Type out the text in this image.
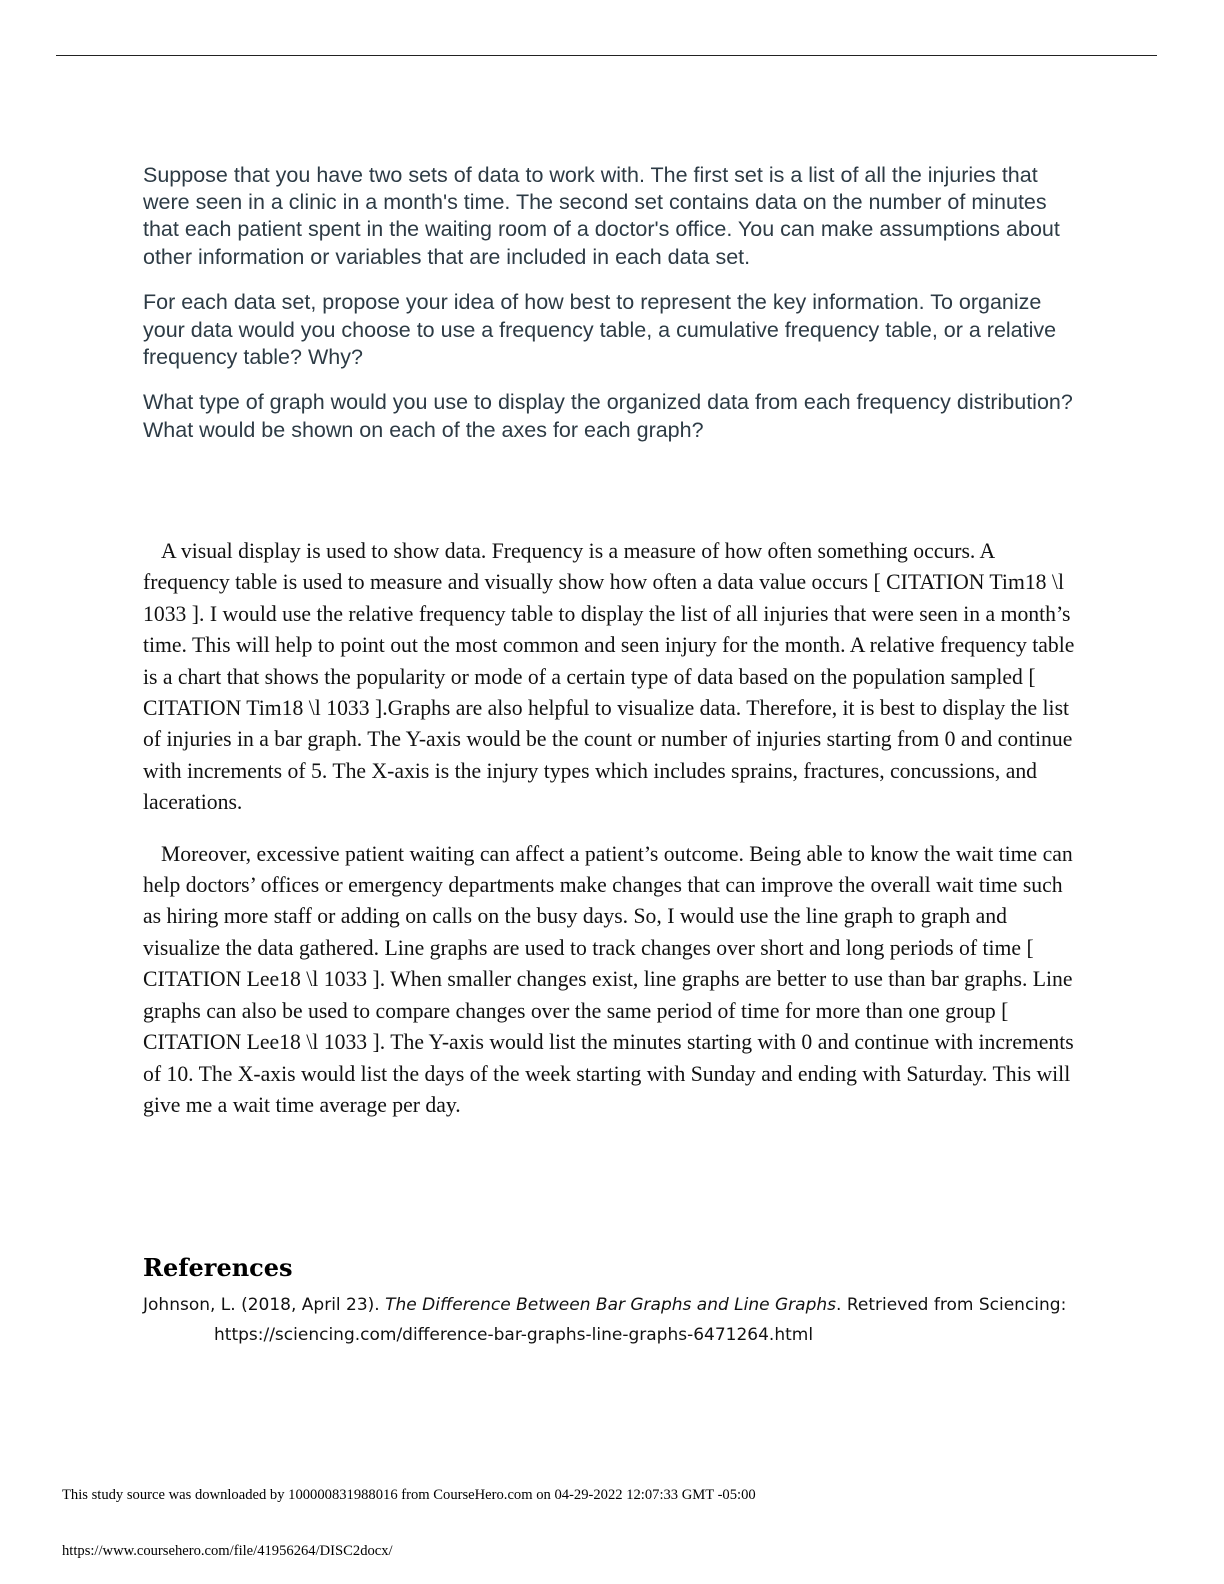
Suppose that you have two sets of data to work with. The first set is a list of all the injuries that were seen in a clinic in a month's time. The second set contains data on the number of minutes that each patient spent in the waiting room of a doctor's office. You can make assumptions about other information or variables that are included in each data set.

For each data set, propose your idea of how best to represent the key information. To organize your data would you choose to use a frequency table, a cumulative frequency table, or a relative frequency table? Why?

What type of graph would you use to display the organized data from each frequency distribution? What would be shown on each of the axes for each graph?

A visual display is used to show data. Frequency is a measure of how often something occurs. A frequency table is used to measure and visually show how often a data value occurs [ CITATION Tim18 \l 1033 ]. I would use the relative frequency table to display the list of all injuries that were seen in a month’s time. This will help to point out the most common and seen injury for the month. A relative frequency table is a chart that shows the popularity or mode of a certain type of data based on the population sampled [ CITATION Tim18 \l 1033 ].Graphs are also helpful to visualize data. Therefore, it is best to display the list of injuries in a bar graph. The Y-axis would be the count or number of injuries starting from 0 and continue with increments of 5. The X-axis is the injury types which includes sprains, fractures, concussions, and lacerations.

Moreover, excessive patient waiting can affect a patient’s outcome. Being able to know the wait time can help doctors’ offices or emergency departments make changes that can improve the overall wait time such as hiring more staff or adding on calls on the busy days. So, I would use the line graph to graph and visualize the data gathered. Line graphs are used to track changes over short and long periods of time [ CITATION Lee18 \l 1033 ]. When smaller changes exist, line graphs are better to use than bar graphs. Line graphs can also be used to compare changes over the same period of time for more than one group [ CITATION Lee18 \l 1033 ]. The Y-axis would list the minutes starting with 0 and continue with increments of 10. The X-axis would list the days of the week starting with Sunday and ending with Saturday. This will give me a wait time average per day.

References

Johnson, L. (2018, April 23). The Difference Between Bar Graphs and Line Graphs. Retrieved from Sciencing: https://sciencing.com/difference-bar-graphs-line-graphs-6471264.html

This study source was downloaded by 100000831988016 from CourseHero.com on 04-29-2022 12:07:33 GMT -05:00
https://www.coursehero.com/file/41956264/DISC2docx/
